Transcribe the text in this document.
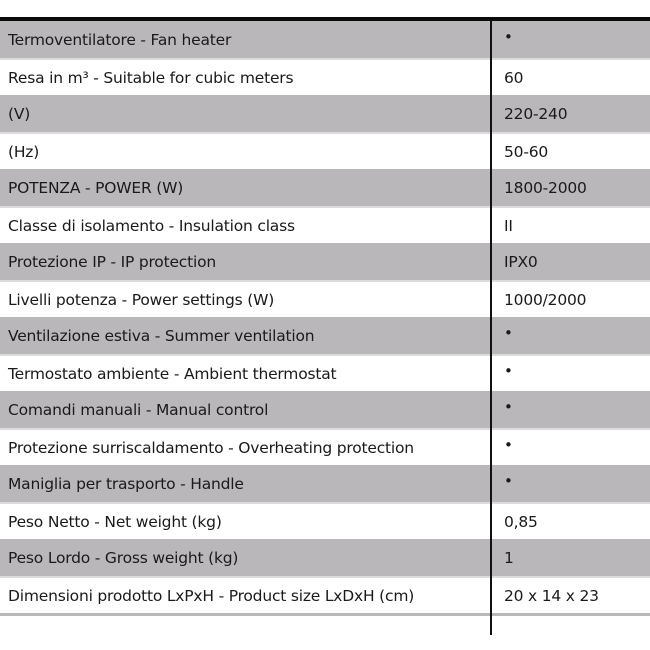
Termoventilatore - Fan heater	•
Resa in m³ - Suitable for cubic meters	60
(V)	220-240
(Hz)	50-60
POTENZA - POWER (W)	1800-2000
Classe di isolamento - Insulation class	II
Protezione IP - IP protection	IPX0
Livelli potenza - Power settings (W)	1000/2000
Ventilazione estiva - Summer ventilation	•
Termostato ambiente - Ambient thermostat	•
Comandi manuali - Manual control	•
Protezione surriscaldamento - Overheating protection	•
Maniglia per trasporto - Handle	•
Peso Netto - Net weight (kg)	0,85
Peso Lordo - Gross weight (kg)	1
Dimensioni prodotto LxPxH - Product size LxDxH (cm)	20 x 14 x 23
